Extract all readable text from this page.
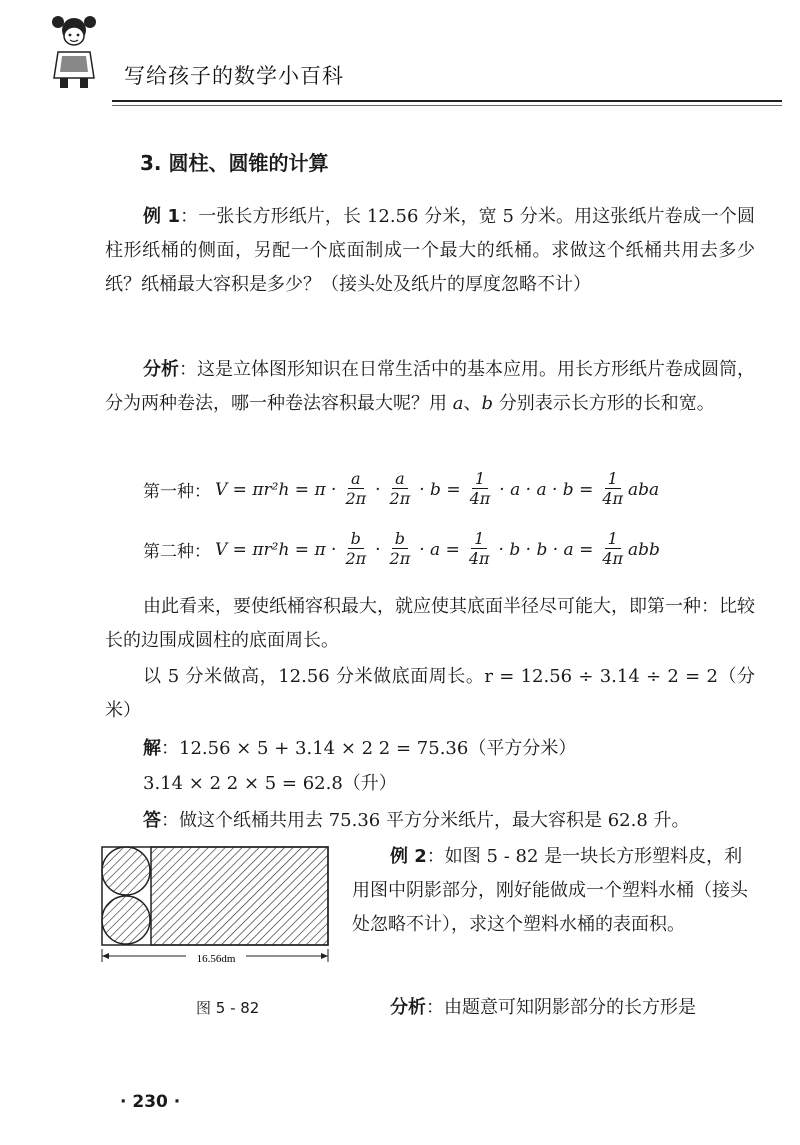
写给孩子的数学小百科
3. 圆柱、圆锥的计算
例 1：一张长方形纸片，长 12.56 分米，宽 5 分米。用这张纸片卷成一个圆柱形纸桶的侧面，另配一个底面制成一个最大的纸桶。求做这个纸桶共用去多少纸？纸桶最大容积是多少？（接头处及纸片的厚度忽略不计）
分析：这是立体图形知识在日常生活中的基本应用。用长方形纸片卷成圆筒，分为两种卷法，哪一种卷法容积最大呢？用 a、b 分别表示长方形的长和宽。
第一种： $V = \pi r^2h = \pi \cdot \frac{a}{2\pi} \cdot \frac{a}{2\pi} \cdot b = \frac{1}{4\pi} \cdot a \cdot a \cdot b = \frac{1}{4\pi}$ aba
第二种： $V = \pi r^2h = \pi \cdot \frac{b}{2\pi} \cdot \frac{b}{2\pi} \cdot a = \frac{1}{4\pi} \cdot b \cdot b \cdot a = \frac{1}{4\pi}$ abb
由此看来，要使纸桶容积最大，就应使其底面半径尽可能大，即第一种：比较长的边围成圆柱的底面周长。
以 5 分米做高，12.56 分米做底面周长。r = 12.56 ÷ 3.14 ÷ 2 = 2（分米）
解：12.56 × 5 + 3.14 × 2 2 = 75.36（平方分米）
3.14 × 2 2 × 5 = 62.8（升）
答：做这个纸桶共用去 75.36 平方分米纸片，最大容积是 62.8 升。
16.56dm
图 5 - 82
例 2：如图 5 - 82 是一块长方形塑料皮，利用图中阴影部分，刚好能做成一个塑料水桶（接头处忽略不计），求这个塑料水桶的表面积。
分析：由题意可知阴影部分的长方形是
· 230 ·
